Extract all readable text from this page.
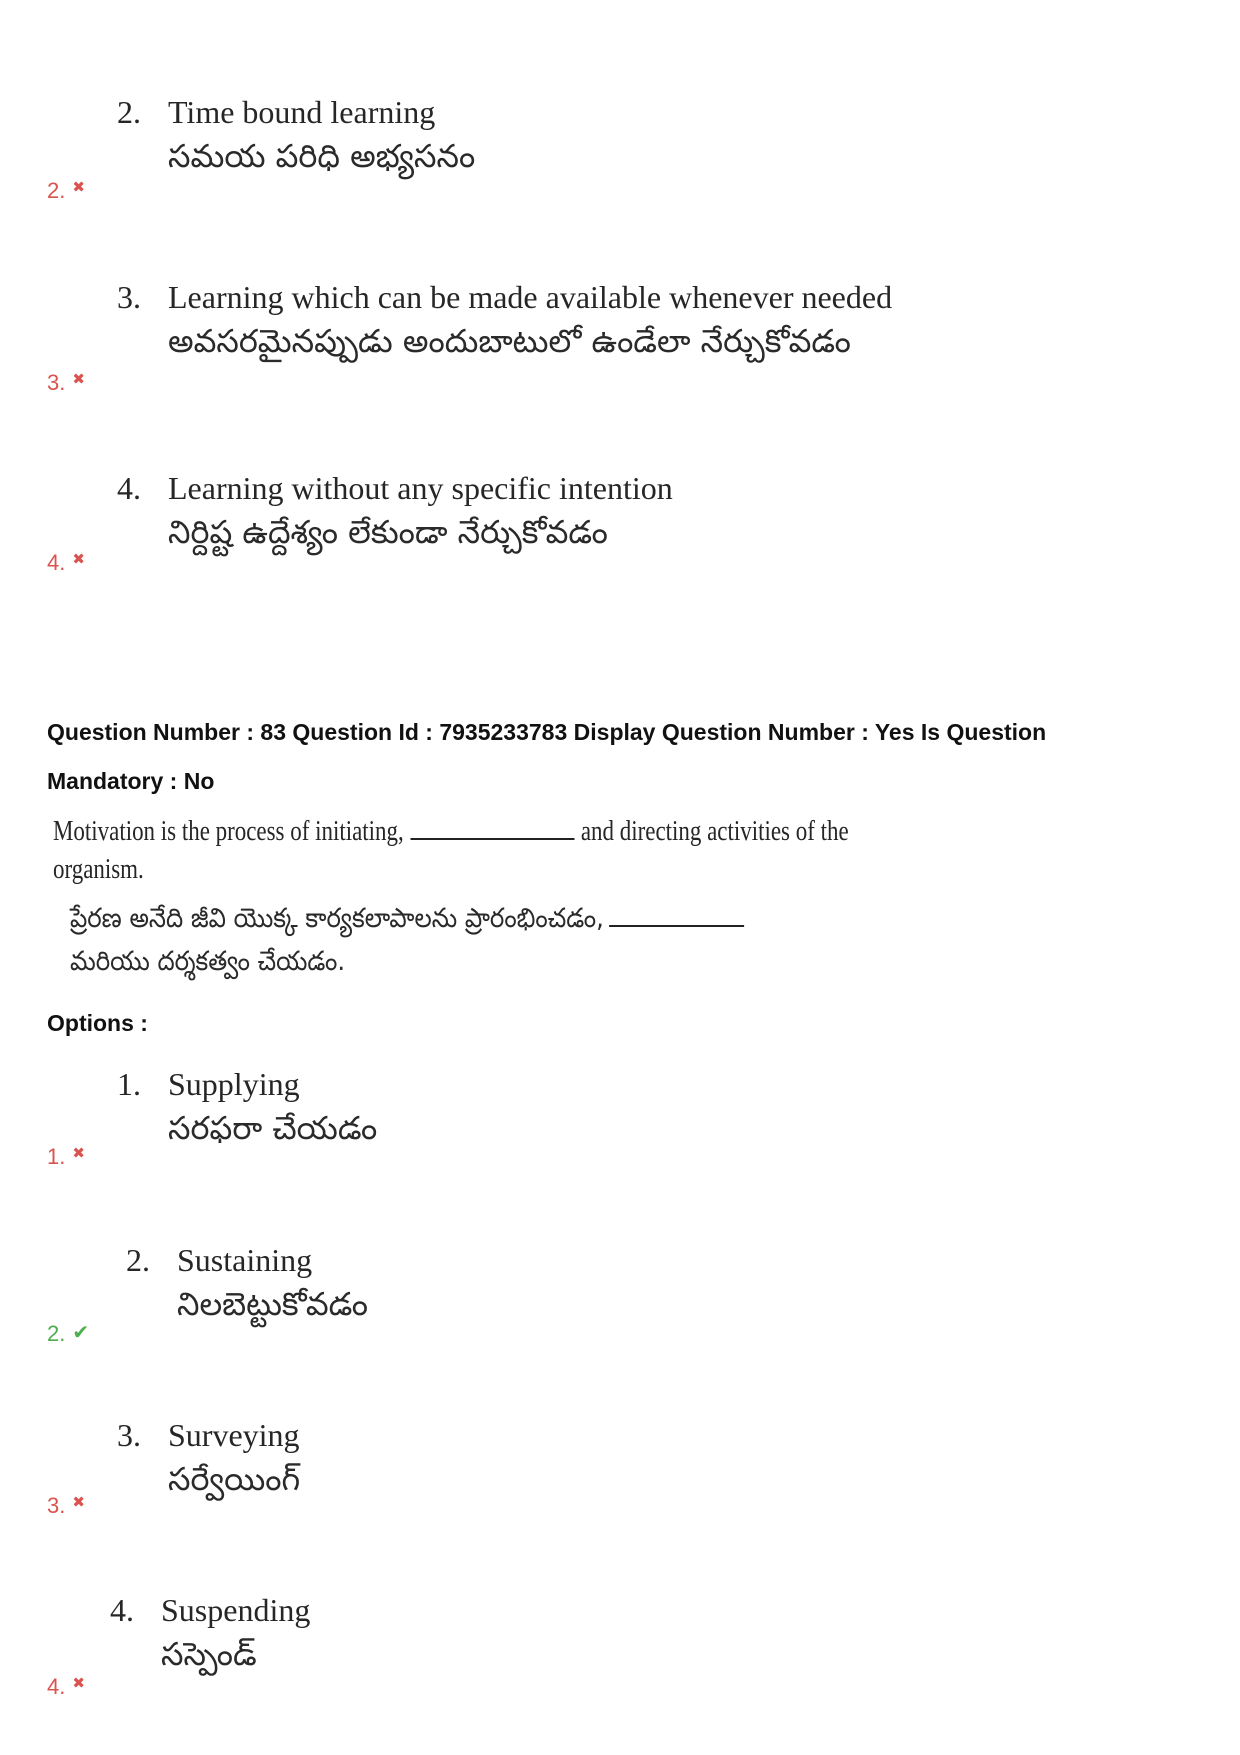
2. Time bound learning
సమయ పరిధి అభ్యసనం
2. ✖
3. Learning which can be made available whenever needed
అవసరమైనప్పుడు అందుబాటులో ఉండేలా నేర్చుకోవడం
3. ✖
4. Learning without any specific intention
నిర్దిష్ట ఉద్దేశ్యం లేకుండా నేర్చుకోవడం
4. ✖
Question Number : 83 Question Id : 7935233783 Display Question Number : Yes Is Question
Mandatory : No
Motivation is the process of initiating,	and directing activities of the
organism.
ప్రేరణ అనేది జీవి యొక్క కార్యకలాపాలను ప్రారంభించడం,
మరియు దర్శకత్వం చేయడం.
Options :
1. Supplying
సరఫరా చేయడం
1. ✖
2. Sustaining
నిలబెట్టుకోవడం
2. ✔
3. Surveying
సర్వేయింగ్
3. ✖
4. Suspending
సస్పెండ్
4. ✖
